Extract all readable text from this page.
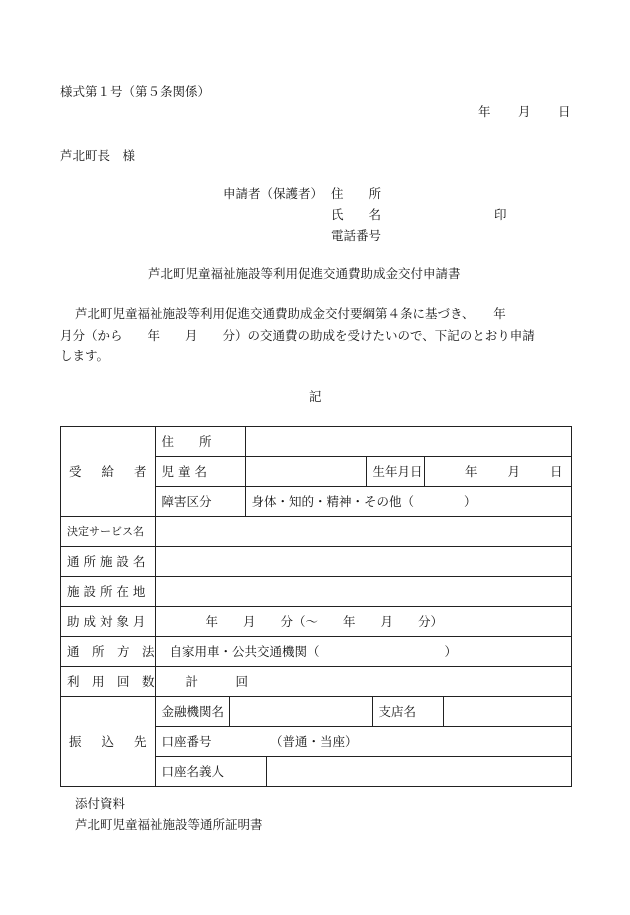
様式第１号（第５条関係）
年 月 日
芦北町長　様
申請者（保護者） 住　　所
氏　　名	印
電話番号
芦北町児童福祉施設等利用促進交通費助成金交付申請書
芦北町児童福祉施設等利用促進交通費助成金交付要綱第４条に基づき、　　年
月分（から　　年　　月　　分）の交通費の助成を受けたいので、下記のとおり申請
します。
記
受 給 者	住　　所							

児 童 名				生年月日		年 月 日	

障害区分		身体・知的・精神・その他（　　　　）					

決定サービス名								

通 所 施 設 名								

施 設 所 在 地								

助 成 対 象 月	年　　月　　分（〜　　年　　月　　分）							

通　所　方　法	自家用車・公共交通機関（　　　　　　　　　　）							

利　用　回　数	計　　　回							

振 込 先	金融機関名					支店名		

口座番号			（普通・当座）				

口座名義人							

添付資料
芦北町児童福祉施設等通所証明書
